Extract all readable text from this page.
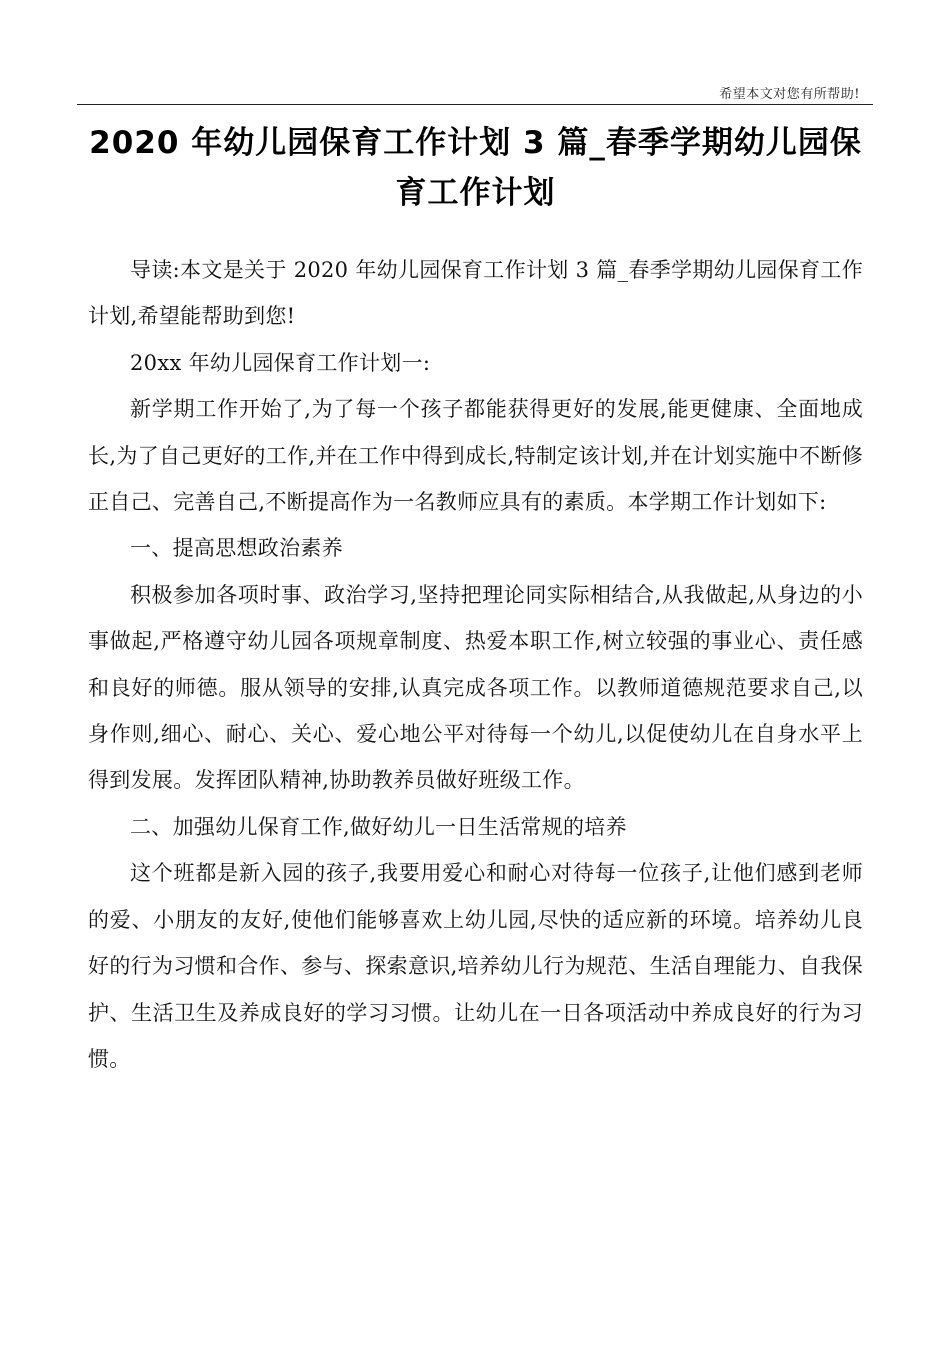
希望本文对您有所帮助!
2020 年幼儿园保育工作计划 3 篇_春季学期幼儿园保育工作计划

导读:本文是关于 2020 年幼儿园保育工作计划 3 篇_春季学期幼儿园保育工作计划,希望能帮助到您!

20xx 年幼儿园保育工作计划一:

新学期工作开始了,为了每一个孩子都能获得更好的发展,能更健康、全面地成长,为了自己更好的工作,并在工作中得到成长,特制定该计划,并在计划实施中不断修正自己、完善自己,不断提高作为一名教师应具有的素质。本学期工作计划如下:

一、提高思想政治素养

积极参加各项时事、政治学习,坚持把理论同实际相结合,从我做起,从身边的小事做起,严格遵守幼儿园各项规章制度、热爱本职工作,树立较强的事业心、责任感和良好的师德。服从领导的安排,认真完成各项工作。以教师道德规范要求自己,以身作则,细心、耐心、关心、爱心地公平对待每一个幼儿,以促使幼儿在自身水平上得到发展。发挥团队精神,协助教养员做好班级工作。

二、加强幼儿保育工作,做好幼儿一日生活常规的培养

这个班都是新入园的孩子,我要用爱心和耐心对待每一位孩子,让他们感到老师的爱、小朋友的友好,使他们能够喜欢上幼儿园,尽快的适应新的环境。培养幼儿良好的行为习惯和合作、参与、探索意识,培养幼儿行为规范、生活自理能力、自我保护、生活卫生及养成良好的学习习惯。让幼儿在一日各项活动中养成良好的行为习惯。
